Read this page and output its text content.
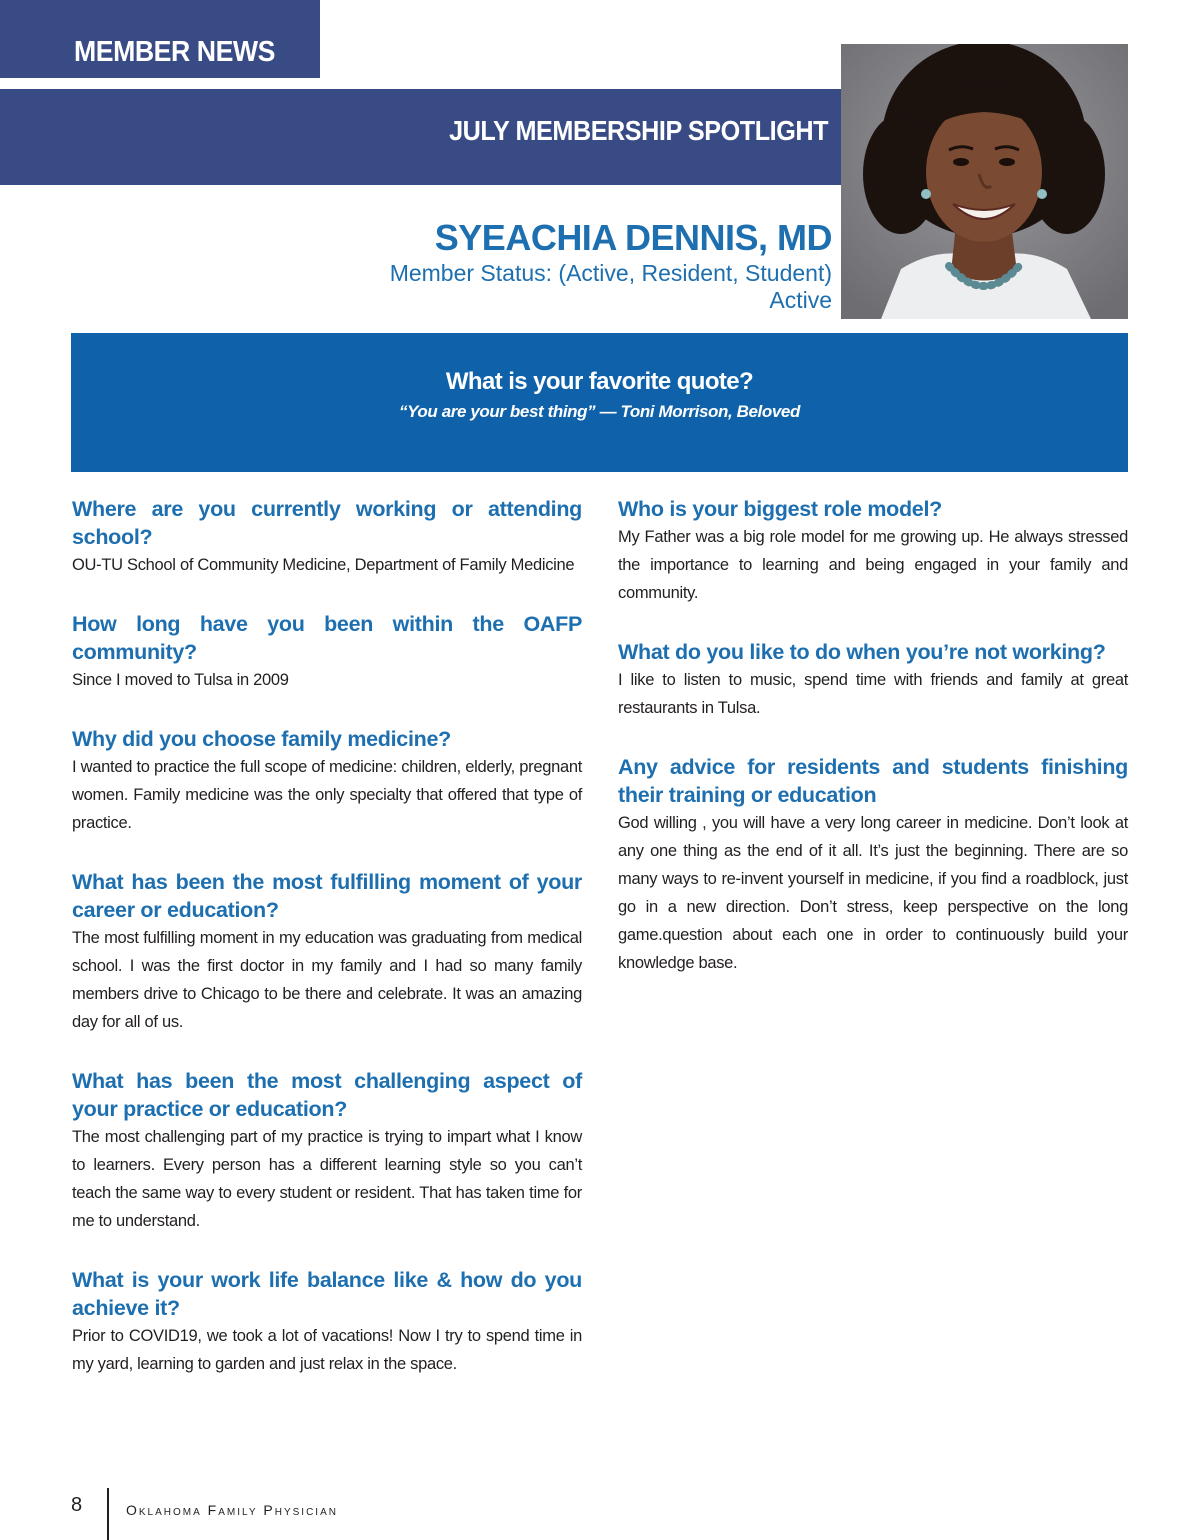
MEMBER NEWS
JULY MEMBERSHIP SPOTLIGHT
SYEACHIA DENNIS, MD
Member Status: (Active, Resident, Student)
Active
What is your favorite quote?
“You are your best thing” — Toni Morrison, Beloved
Where are you currently working or attending school?
OU-TU School of Community Medicine, Department of Family Medicine
How long have you been within the OAFP community?
Since I moved to Tulsa in 2009
Why did you choose family medicine?
I wanted to practice the full scope of medicine: children, elderly, pregnant women. Family medicine was the only specialty that offered that type of practice.
What has been the most fulfilling moment of your career or education?
The most fulfilling moment in my education was graduating from medical school. I was the first doctor in my family and I had so many family members drive to Chicago to be there and celebrate. It was an amazing day for all of us.
What has been the most challenging aspect of your practice or education?
The most challenging part of my practice is trying to impart what I know to learners. Every person has a different learning style so you can’t teach the same way to every student or resident. That has taken time for me to understand.
What is your work life balance like & how do you achieve it?
Prior to COVID19, we took a lot of vacations! Now I try to spend time in my yard, learning to garden and just relax in the space.
Who is your biggest role model?
My Father was a big role model for me growing up. He always stressed the importance to learning and being engaged in your family and community.
What do you like to do when you’re not working?
I like to listen to music, spend time with friends and family at great restaurants in Tulsa.
Any advice for residents and students finishing their training or education
God willing , you will have a very long career in medicine. Don’t look at any one thing as the end of it all. It’s just the beginning. There are so many ways to re-invent yourself in medicine, if you find a roadblock, just go in a new direction. Don’t stress, keep perspective on the long game.question about each one in order to continuously build your knowledge base.
8	Oklahoma Family Physician
